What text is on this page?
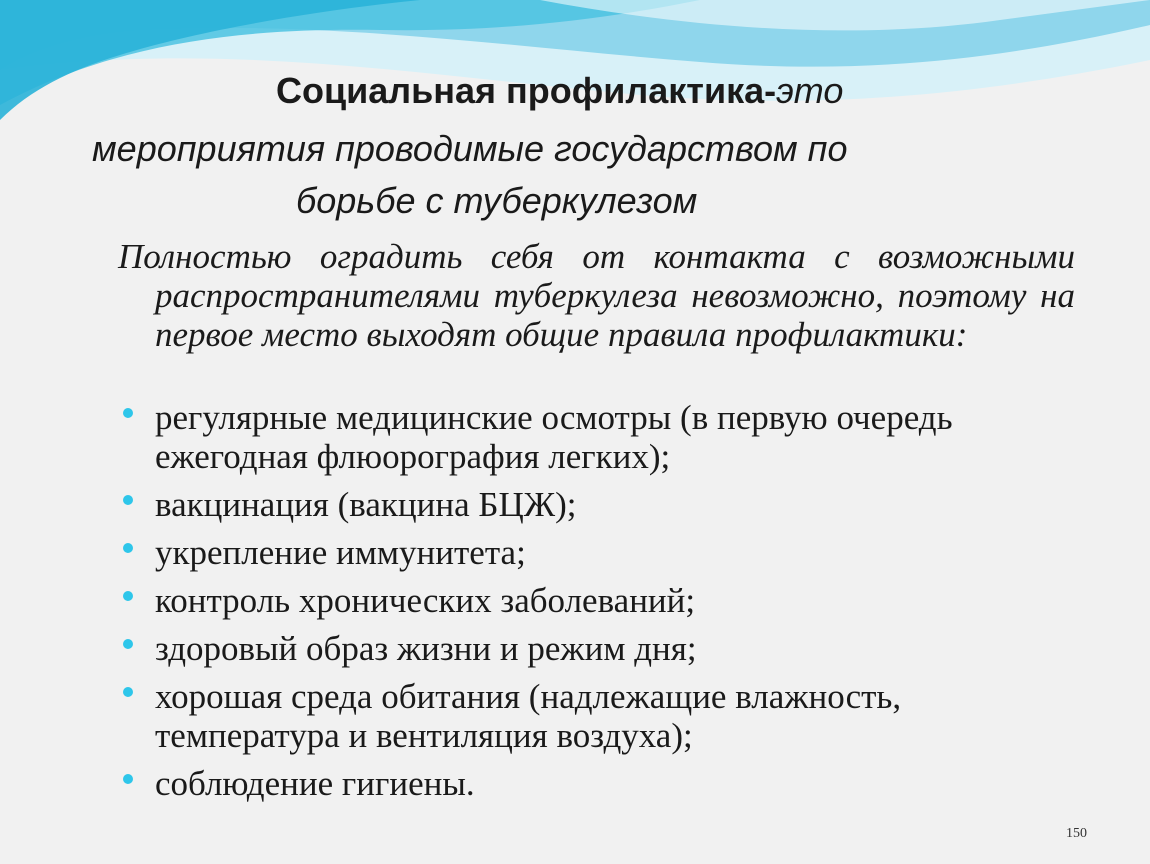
Социальная профилактика-это
мероприятия проводимые государством по
борьбе с туберкулезом
Полностью оградить себя от контакта с возможными распространителями туберкулеза невозможно, поэтому на первое место выходят общие правила профилактики:
регулярные медицинские осмотры (в первую очередь ежегодная флюорография легких);
вакцинация (вакцина БЦЖ);
укрепление иммунитета;
контроль хронических заболеваний;
здоровый образ жизни и режим дня;
хорошая среда обитания (надлежащие влажность, температура и вентиляция воздуха);
соблюдение гигиены.
150
